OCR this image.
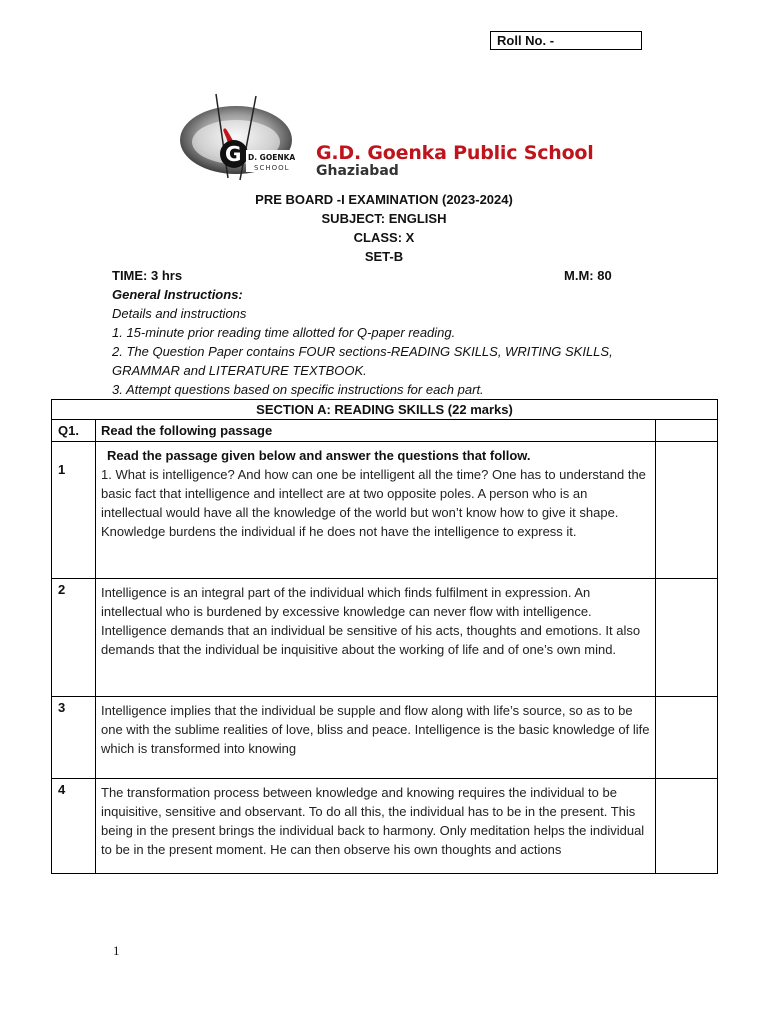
Roll No. -
G D. GOENKA
SCHOOL
G.D. Goenka Public School
Ghaziabad
PRE BOARD -I EXAMINATION (2023-2024)
SUBJECT: ENGLISH
CLASS: X
SET-B
TIME: 3 hrs	M.M: 80
General Instructions:
Details and instructions
1. 15-minute prior reading time allotted for Q-paper reading.
2. The Question Paper contains FOUR sections-READING SKILLS, WRITING SKILLS,
GRAMMAR and LITERATURE TEXTBOOK.
3. Attempt questions based on specific instructions for each part.
SECTION A: READING SKILLS (22 marks)		
Q1.	Read the following passage	
1	Read the passage given below and answer the questions that follow.
1. What is intelligence? And how can one be intelligent all the time? One has to understand the basic fact that intelligence and intellect are at two opposite poles. A person who is an intellectual would have all the knowledge of the world but won’t know how to give it shape. Knowledge burdens the individual if he does not have the intelligence to express it.	

2	Intelligence is an integral part of the individual which finds fulfilment in expression. An intellectual who is burdened by excessive knowledge can never flow with intelligence. Intelligence demands that an individual be sensitive of his acts, thoughts and emotions. It also demands that the individual be inquisitive about the working of life and of one’s own mind.	
3	Intelligence implies that the individual be supple and flow along with life’s source, so as to be one with the sublime realities of love, bliss and peace. Intelligence is the basic knowledge of life which is transformed into knowing	
4	The transformation process between knowledge and knowing requires the individual to be inquisitive, sensitive and observant. To do all this, the individual has to be in the present. This being in the present brings the individual back to harmony. Only meditation helps the individual to be in the present moment. He can then observe his own thoughts and actions	
1
